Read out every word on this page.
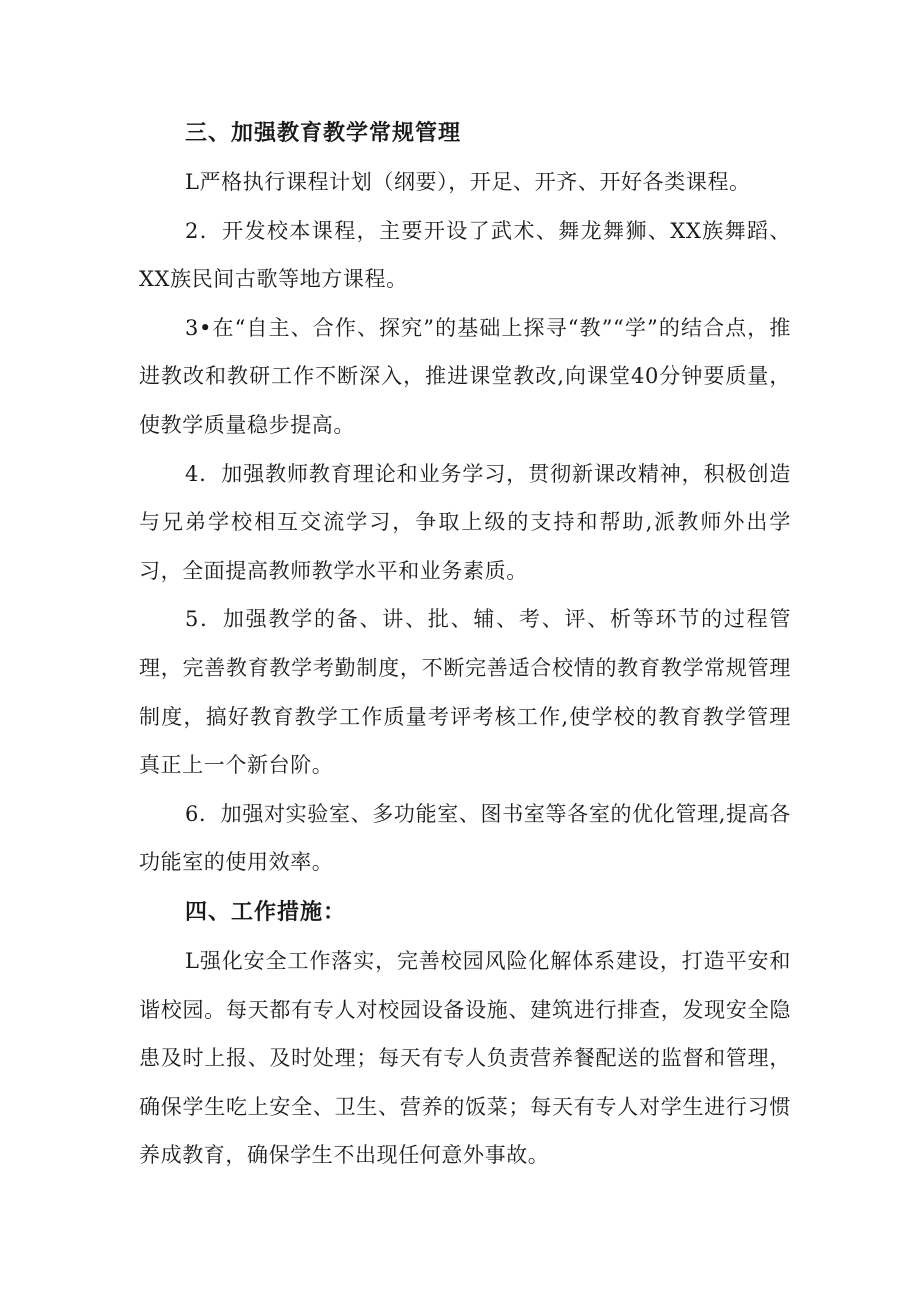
三、加强教育教学常规管理

L严格执行课程计划（纲要），开足、开齐、开好各类课程。

2．开发校本课程，主要开设了武术、舞龙舞狮、XX族舞蹈、XX族民间古歌等地方课程。

3•在“自主、合作、探究”的基础上探寻“教”“学”的结合点，推进教改和教研工作不断深入，推进课堂教改,向课堂40分钟要质量，使教学质量稳步提高。

4．加强教师教育理论和业务学习，贯彻新课改精神，积极创造与兄弟学校相互交流学习，争取上级的支持和帮助,派教师外出学习，全面提高教师教学水平和业务素质。

5．加强教学的备、讲、批、辅、考、评、析等环节的过程管理，完善教育教学考勤制度，不断完善适合校情的教育教学常规管理制度，搞好教育教学工作质量考评考核工作,使学校的教育教学管理真正上一个新台阶。

6．加强对实验室、多功能室、图书室等各室的优化管理,提高各功能室的使用效率。

四、工作措施：

L强化安全工作落实，完善校园风险化解体系建设，打造平安和谐校园。每天都有专人对校园设备设施、建筑进行排查，发现安全隐患及时上报、及时处理；每天有专人负责营养餐配送的监督和管理，确保学生吃上安全、卫生、营养的饭菜；每天有专人对学生进行习惯养成教育，确保学生不出现任何意外事故。
